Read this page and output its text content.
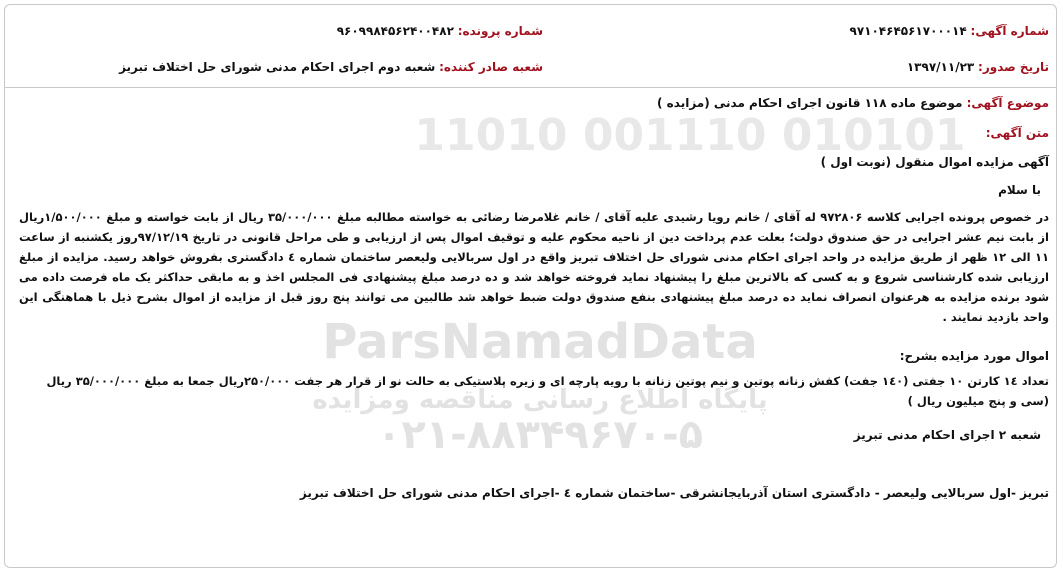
010101 001110 11010
ParsNamadData
پایگاه اطلاع رسانی مناقصه ومزایده
۰۲۱-۸۸۳۴۹۶۷۰-۵
شماره آگهی: ۹۷۱۰۴۶۴۵۶۱۷۰۰۰۱۴
تاریخ صدور: ۱۳۹۷/۱۱/۲۳
شماره پرونده: ۹۶۰۹۹۸۴۵۶۲۴۰۰۴۸۲
شعبه صادر کننده: شعبه دوم اجرای احکام مدنی شورای حل اختلاف تبریز
موضوع آگهی: موضوع ماده ۱۱۸ قانون اجرای احکام مدنی (مزایده )
متن آگهی:
آگهی مزایده اموال منقول (نوبت اول )
با سلام
در خصوص پرونده اجرایی کلاسه ۹۷۲۸۰۶ له آقای / خانم رویا رشیدی علیه آقای / خانم غلامرضا رضائی به خواسته مطالبه مبلغ ۳۵/۰۰۰/۰۰۰ ریال از بابت خواسته و مبلغ ۱/۵۰۰/۰۰۰ریال از بابت نیم عشر اجرایی در حق صندوق دولت؛ بعلت عدم پرداخت دین از ناحیه محکوم علیه و توقیف اموال پس از ارزیابی و طی مراحل قانونی در تاریخ ۹۷/۱۲/۱۹روز یکشنبه از ساعت ۱۱ الی ۱۲ ظهر از طریق مزایده در واحد اجرای احکام مدنی شورای حل اختلاف تبریز واقع در اول سربالایی ولیعصر ساختمان شماره ٤ دادگستری بفروش خواهد رسید. مزایده از مبلغ ارزیابی شده کارشناسی شروع و به کسی که بالاترین مبلغ را پیشنهاد نماید فروخته خواهد شد و ده درصد مبلغ پیشنهادی فی المجلس اخذ و به مابقی حداکثر یک ماه فرصت داده می شود برنده مزایده به هرعنوان انصراف نماید ده درصد مبلغ پیشنهادی بنفع صندوق دولت ضبط خواهد شد طالبین می توانند پنج روز قبل از مزایده از اموال بشرح ذیل با هماهنگی این واحد بازدید نمایند .
اموال مورد مزایده بشرح:
تعداد ١٤ کارتن ١٠ جفتی (١٤٠ جفت) کفش زنانه پوتین و نیم پوتین زنانه با رویه پارچه ای و زیره پلاستیکی به حالت نو از قرار هر جفت ۲۵۰/۰۰۰ریال جمعا به مبلغ ۳۵/۰۰۰/۰۰۰ ریال (سی و پنج میلیون ریال )
شعبه ۲ اجرای احکام مدنی تبریز
تبریز -اول سربالایی ولیعصر - دادگستری استان آذربایجانشرقی -ساختمان شماره ٤ -اجرای احکام مدنی شورای حل اختلاف تبریز
